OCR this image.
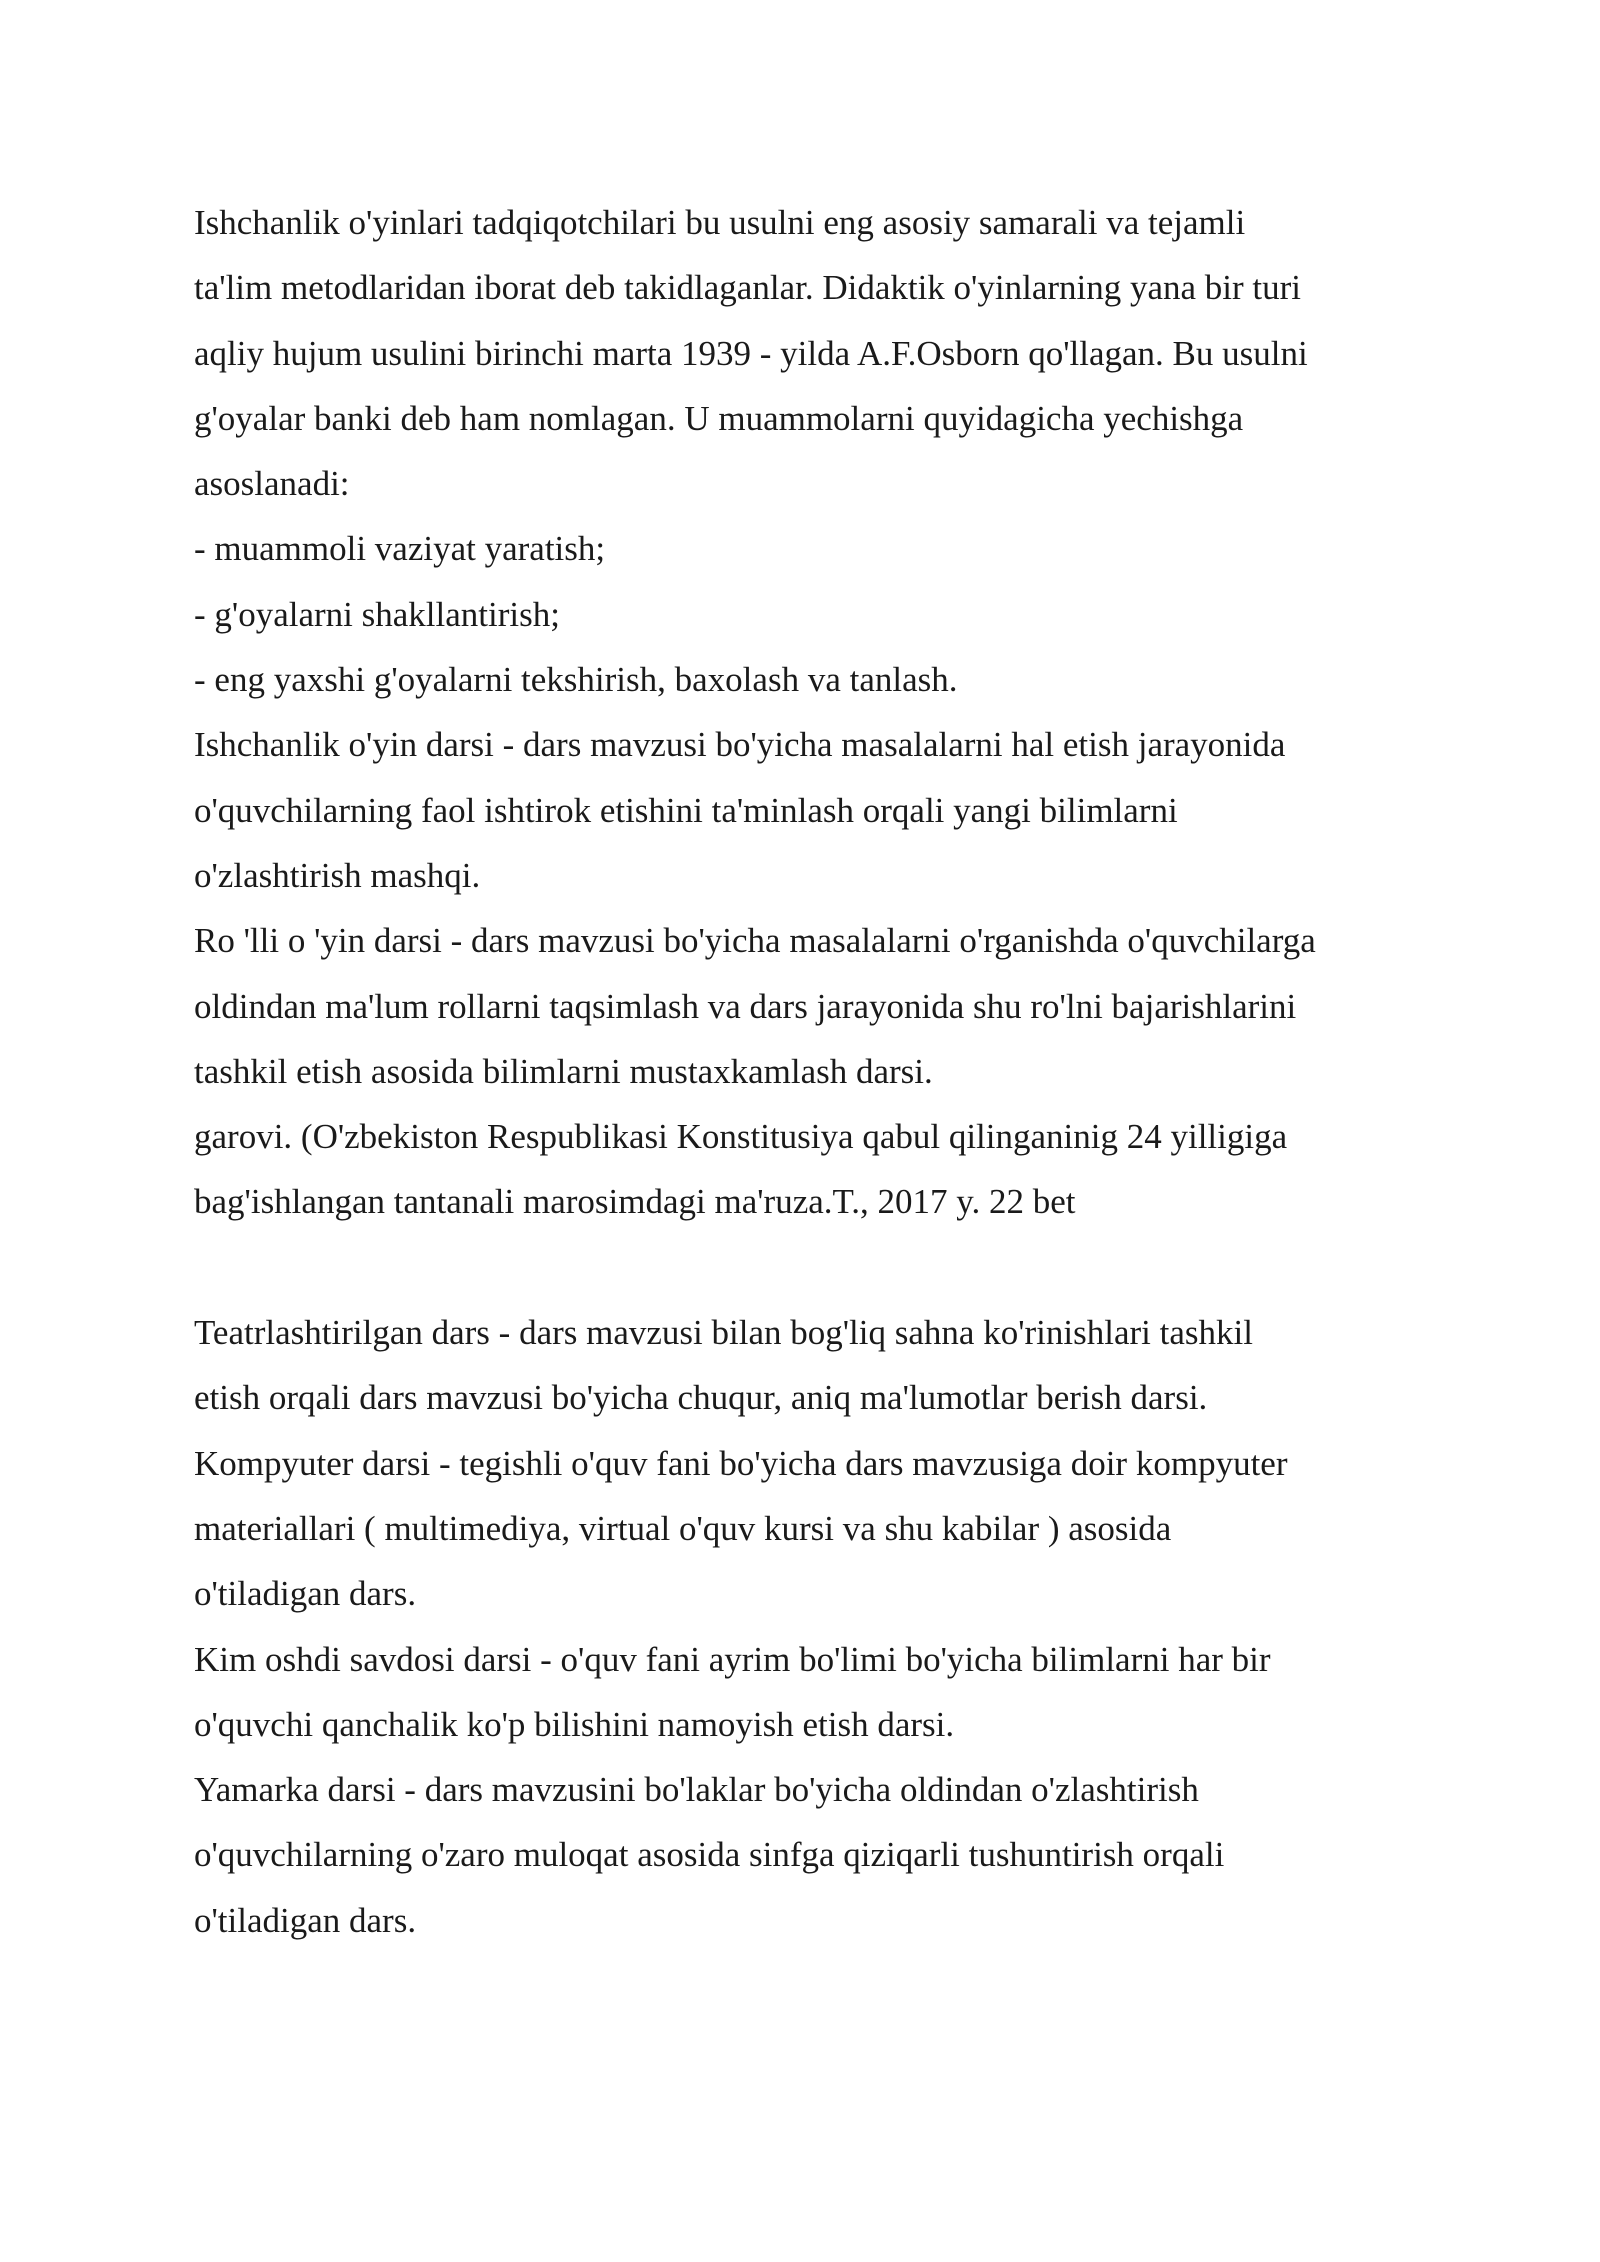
Ishchanlik o'yinlari tadqiqotchilari bu usulni eng asosiy samarali va tejamli
ta'lim metodlaridan iborat deb takidlaganlar. Didaktik o'yinlarning yana bir turi
aqliy hujum usulini birinchi marta 1939 - yilda A.F.Osborn qo'llagan. Bu usulni
g'oyalar banki deb ham nomlagan. U muammolarni quyidagicha yechishga
asoslanadi:
- muammoli vaziyat yaratish;
- g'oyalarni shakllantirish;
- eng yaxshi g'oyalarni tekshirish, baxolash va tanlash.
Ishchanlik o'yin darsi - dars mavzusi bo'yicha masalalarni hal etish jarayonida
o'quvchilarning faol ishtirok etishini ta'minlash orqali yangi bilimlarni
o'zlashtirish mashqi.
Ro 'lli o 'yin darsi - dars mavzusi bo'yicha masalalarni o'rganishda o'quvchilarga
oldindan ma'lum rollarni taqsimlash va dars jarayonida shu ro'lni bajarishlarini
tashkil etish asosida bilimlarni mustaxkamlash darsi.
garovi. (O'zbekiston Respublikasi Konstitusiya qabul qilinganinig 24 yilligiga
bag'ishlangan tantanali marosimdagi ma'ruza.T., 2017 y. 22 bet
Teatrlashtirilgan dars - dars mavzusi bilan bog'liq sahna ko'rinishlari tashkil
etish orqali dars mavzusi bo'yicha chuqur, aniq ma'lumotlar berish darsi.
Kompyuter darsi - tegishli o'quv fani bo'yicha dars mavzusiga doir kompyuter
materiallari ( multimediya, virtual o'quv kursi va shu kabilar ) asosida
o'tiladigan dars.
Kim oshdi savdosi darsi - o'quv fani ayrim bo'limi bo'yicha bilimlarni har bir
o'quvchi qanchalik ko'p bilishini namoyish etish darsi.
Yamarka darsi - dars mavzusini bo'laklar bo'yicha oldindan o'zlashtirish
o'quvchilarning o'zaro muloqat asosida sinfga qiziqarli tushuntirish orqali
o'tiladigan dars.
